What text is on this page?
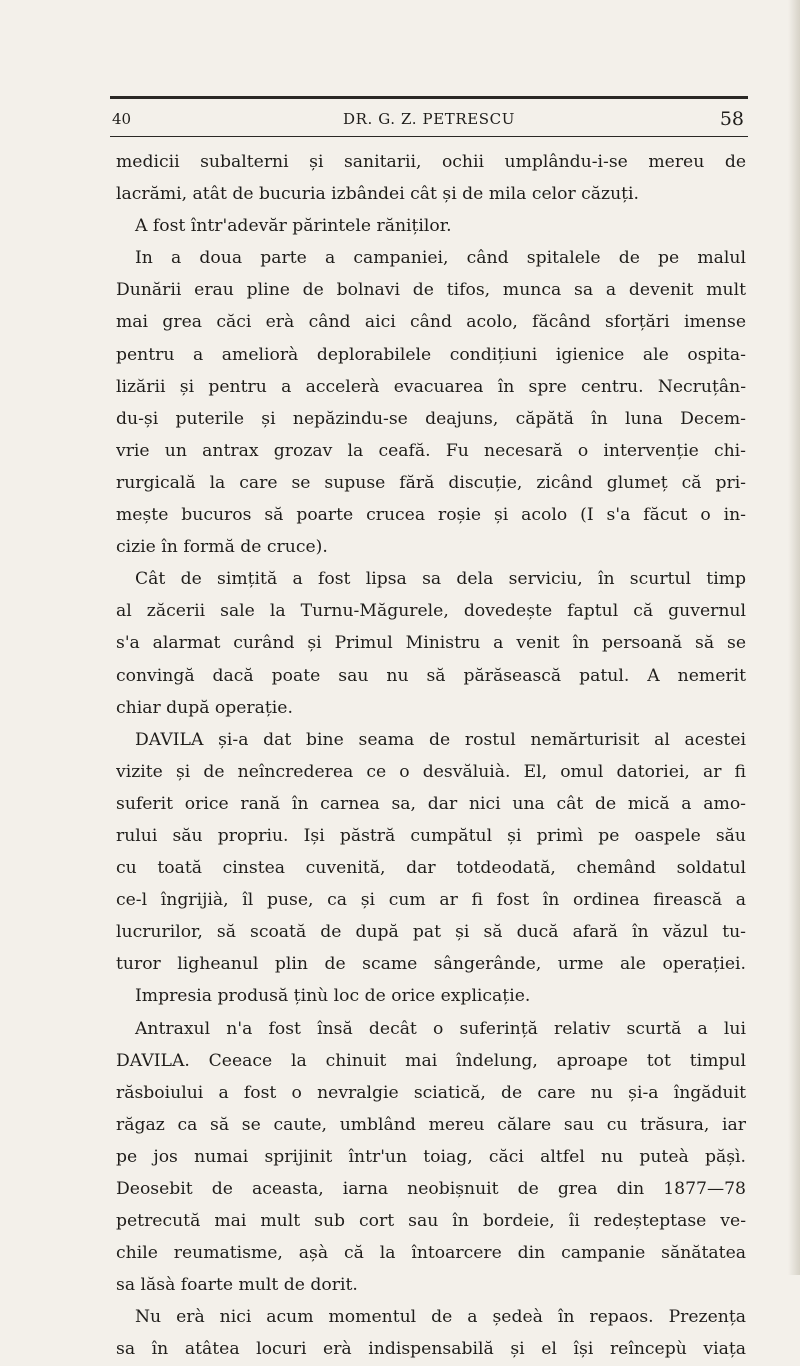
40	DR. G. Z. PETRESCU	58
medicii subalterni și sanitarii, ochii umplându-i-se mereu de
lacrămi, atât de bucuria izbândei cât și de mila celor căzuți.
A fost într'adevăr părintele răniților.
In a doua parte a campaniei, când spitalele de pe malul
Dunării erau pline de bolnavi de tifos, munca sa a devenit mult
mai grea căci erà când aici când acolo, făcând sforțări imense
pentru a ameliorà deplorabilele condițiuni igienice ale ospita-
lizării și pentru a accelerà evacuarea în spre centru. Necruțân-
du-și puterile și nepăzindu-se deajuns, căpătă în luna Decem-
vrie un antrax grozav la ceafă. Fu necesară o intervenție chi-
rurgicală la care se supuse fără discuție, zicând glumeț că pri-
mește bucuros să poarte crucea roșie și acolo (I s'a făcut o in-
cizie în formă de cruce).
Cât de simțită a fost lipsa sa dela serviciu, în scurtul timp
al zăcerii sale la Turnu-Măgurele, dovedește faptul că guvernul
s'a alarmat curând și Primul Ministru a venit în persoană să se
convingă dacă poate sau nu să părăsească patul. A nemerit
chiar după operație.
DAVILA și-a dat bine seama de rostul nemărturisit al acestei
vizite și de neîncrederea ce o desvăluià. El, omul datoriei, ar fi
suferit orice rană în carnea sa, dar nici una cât de mică a amo-
rului său propriu. Iși păstră cumpătul și primì pe oaspele său
cu toată cinstea cuvenită, dar totdeodată, chemând soldatul
ce-l îngrijià, îl puse, ca și cum ar fi fost în ordinea firească a
lucrurilor, să scoată de după pat și să ducă afară în văzul tu-
turor ligheanul plin de scame sângerânde, urme ale operației.
Impresia produsă ținù loc de orice explicație.
Antraxul n'a fost însă decât o suferință relativ scurtă a lui
DAVILA. Ceeace la chinuit mai îndelung, aproape tot timpul
răsboiului a fost o nevralgie sciatică, de care nu și-a îngăduit
răgaz ca să se caute, umblând mereu călare sau cu trăsura, iar
pe jos numai sprijinit într'un toiag, căci altfel nu puteà pășì.
Deosebit de aceasta, iarna neobișnuit de grea din 1877—78
petrecută mai mult sub cort sau în bordeie, îi redeșteptase ve-
chile reumatisme, așà că la întoarcere din campanie sănătatea
sa lăsà foarte mult de dorit.
Nu erà nici acum momentul de a ședeà în repaos. Prezența
sa în atâtea locuri erà indispensabilă și el își reîncepù viața
